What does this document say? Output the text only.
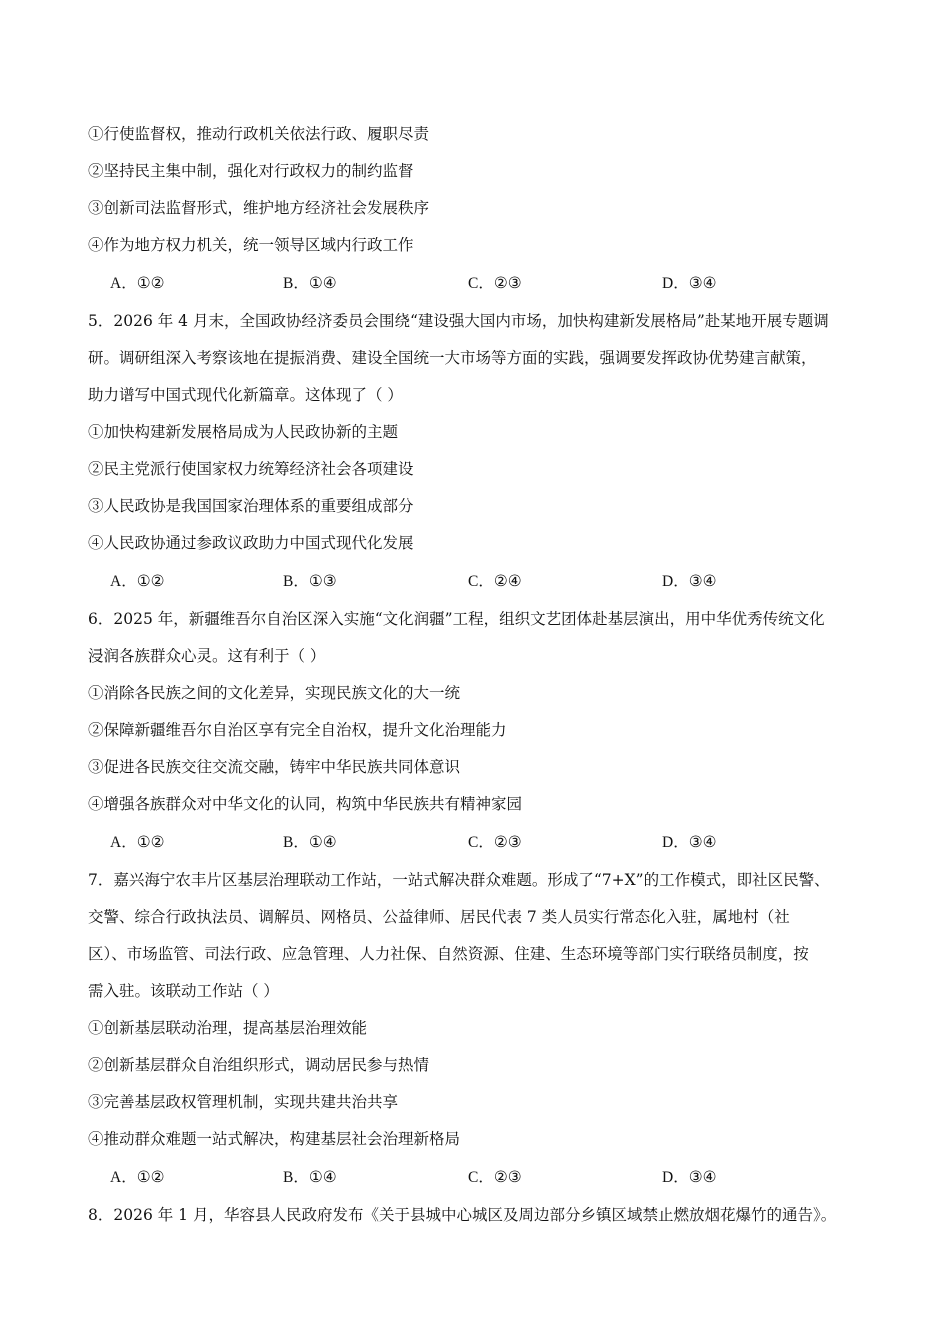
①行使监督权，推动行政机关依法行政、履职尽责
②坚持民主集中制，强化对行政权力的制约监督
③创新司法监督形式，维护地方经济社会发展秩序
④作为地方权力机关，统一领导区域内行政工作
A．①②	B．①④	C．②③	D．③④
5．2026 年 4 月末，全国政协经济委员会围绕“建设强大国内市场，加快构建新发展格局”赴某地开展专题调
研。调研组深入考察该地在提振消费、建设全国统一大市场等方面的实践，强调要发挥政协优势建言献策，
助力谱写中国式现代化新篇章。这体现了（ ）
①加快构建新发展格局成为人民政协新的主题
②民主党派行使国家权力统筹经济社会各项建设
③人民政协是我国国家治理体系的重要组成部分
④人民政协通过参政议政助力中国式现代化发展
A．①②	B．①③	C．②④	D．③④
6．2025 年，新疆维吾尔自治区深入实施“文化润疆”工程，组织文艺团体赴基层演出，用中华优秀传统文化
浸润各族群众心灵。这有利于（ ）
①消除各民族之间的文化差异，实现民族文化的大一统
②保障新疆维吾尔自治区享有完全自治权，提升文化治理能力
③促进各民族交往交流交融，铸牢中华民族共同体意识
④增强各族群众对中华文化的认同，构筑中华民族共有精神家园
A．①②	B．①④	C．②③	D．③④
7．嘉兴海宁农丰片区基层治理联动工作站，一站式解决群众难题。形成了“7+X”的工作模式，即社区民警、
交警、综合行政执法员、调解员、网格员、公益律师、居民代表 7 类人员实行常态化入驻，属地村（社
区）、市场监管、司法行政、应急管理、人力社保、自然资源、住建、生态环境等部门实行联络员制度，按
需入驻。该联动工作站（ ）
①创新基层联动治理，提高基层治理效能
②创新基层群众自治组织形式，调动居民参与热情
③完善基层政权管理机制，实现共建共治共享
④推动群众难题一站式解决，构建基层社会治理新格局
A．①②	B．①④	C．②③	D．③④
8．2026 年 1 月，华容县人民政府发布《关于县城中心城区及周边部分乡镇区域禁止燃放烟花爆竹的通告》。
